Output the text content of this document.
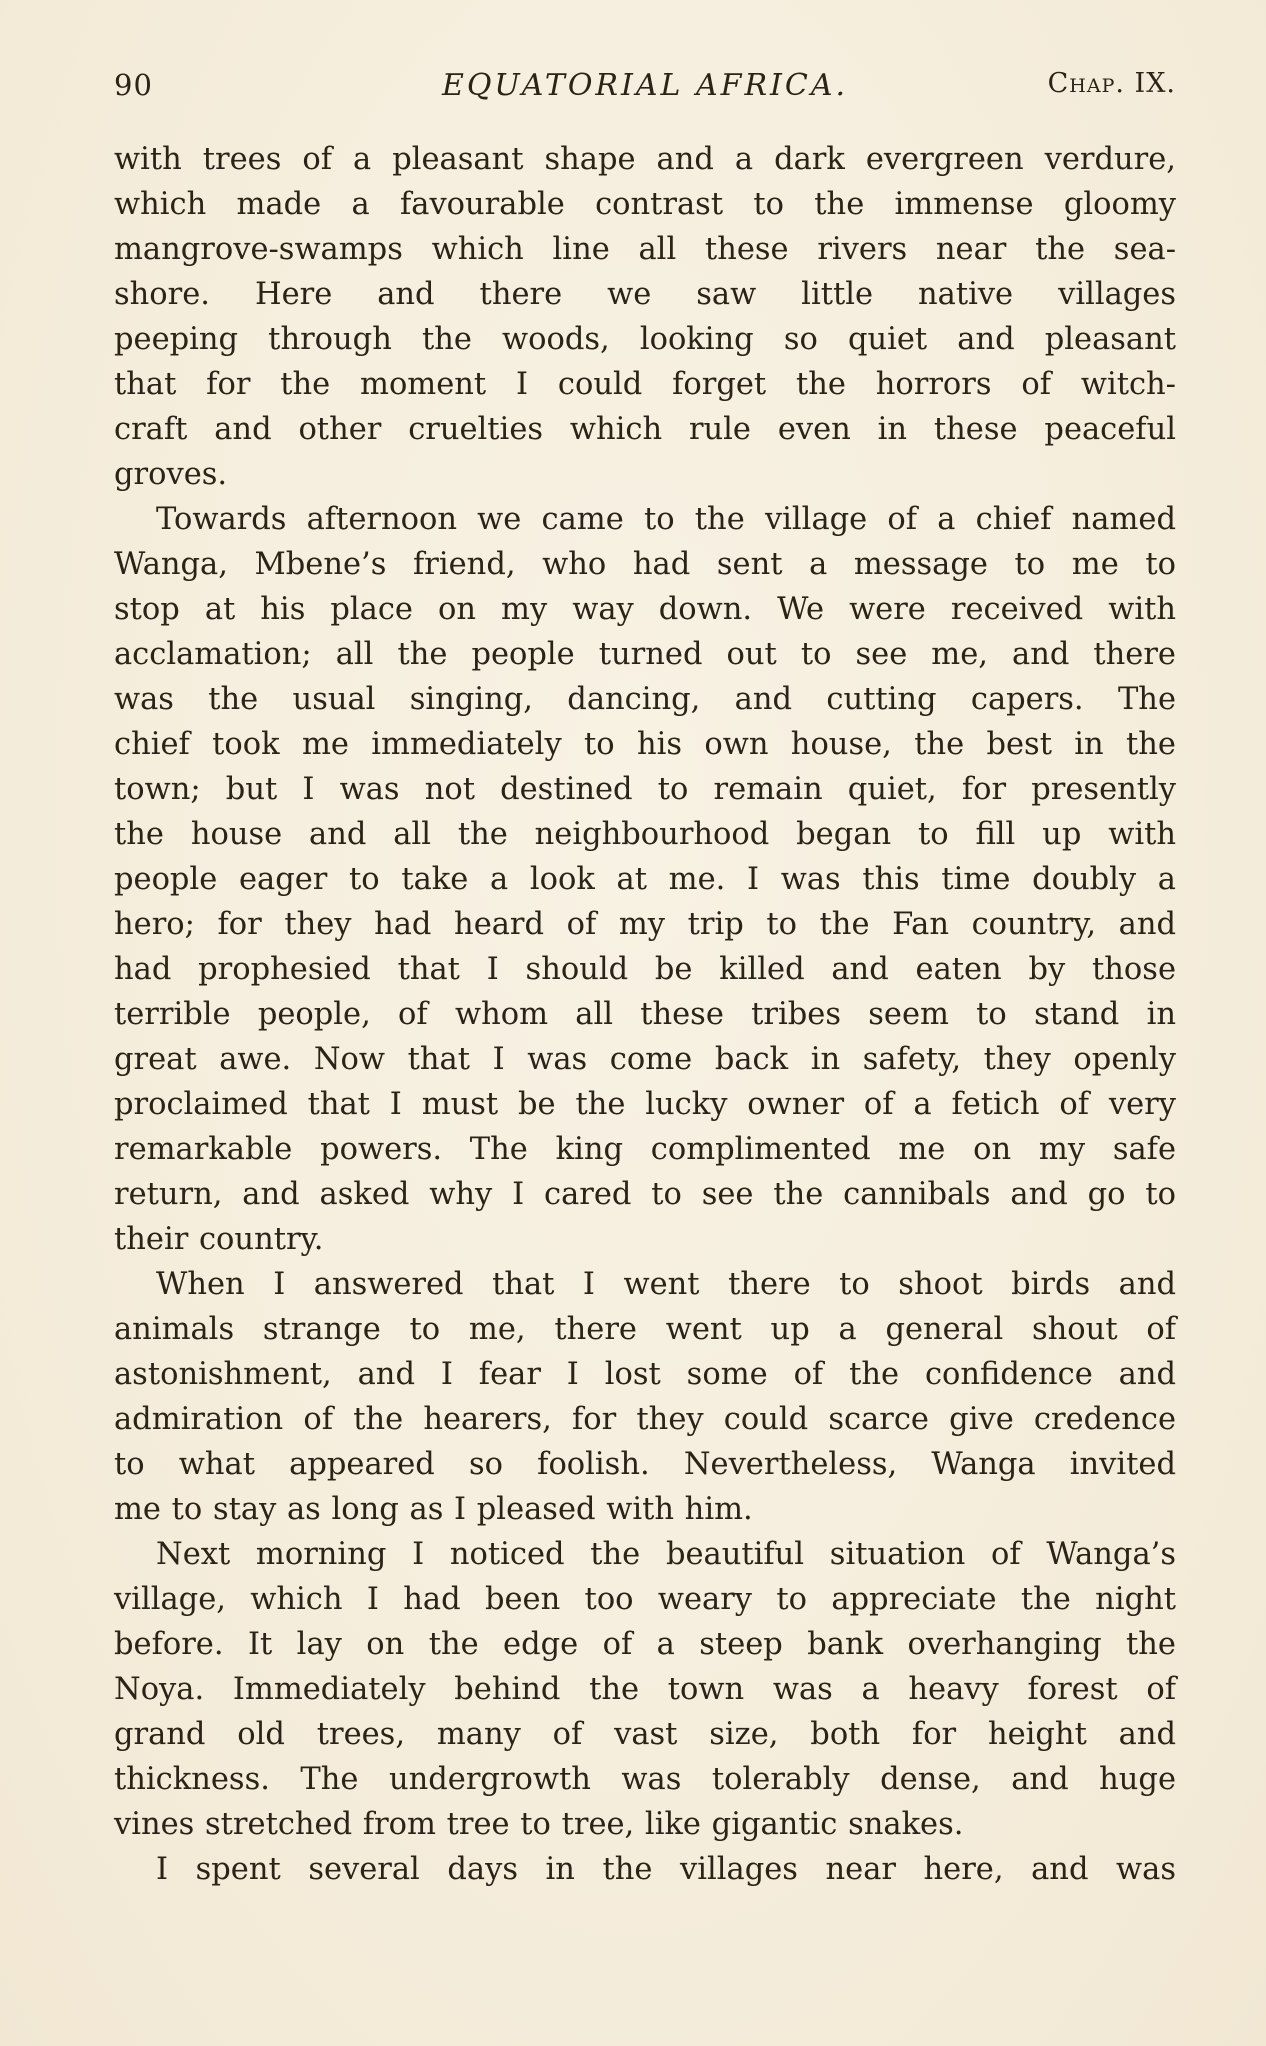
90	EQUATORIAL AFRICA.	Chap. IX.
with trees of a pleasant shape and a dark evergreen verdure,
which made a favourable contrast to the immense gloomy
mangrove-swamps which line all these rivers near the sea-
shore. Here and there we saw little native villages
peeping through the woods, looking so quiet and pleasant
that for the moment I could forget the horrors of witch-
craft and other cruelties which rule even in these peaceful
groves.
Towards afternoon we came to the village of a chief named
Wanga, Mbene’s friend, who had sent a message to me to
stop at his place on my way down. We were received with
acclamation; all the people turned out to see me, and there
was the usual singing, dancing, and cutting capers. The
chief took me immediately to his own house, the best in the
town; but I was not destined to remain quiet, for presently
the house and all the neighbourhood began to fill up with
people eager to take a look at me. I was this time doubly a
hero; for they had heard of my trip to the Fan country, and
had prophesied that I should be killed and eaten by those
terrible people, of whom all these tribes seem to stand in
great awe. Now that I was come back in safety, they openly
proclaimed that I must be the lucky owner of a fetich of very
remarkable powers. The king complimented me on my safe
return, and asked why I cared to see the cannibals and go to
their country.
When I answered that I went there to shoot birds and
animals strange to me, there went up a general shout of
astonishment, and I fear I lost some of the confidence and
admiration of the hearers, for they could scarce give credence
to what appeared so foolish. Nevertheless, Wanga invited
me to stay as long as I pleased with him.
Next morning I noticed the beautiful situation of Wanga’s
village, which I had been too weary to appreciate the night
before. It lay on the edge of a steep bank overhanging the
Noya. Immediately behind the town was a heavy forest of
grand old trees, many of vast size, both for height and
thickness. The undergrowth was tolerably dense, and huge
vines stretched from tree to tree, like gigantic snakes.
I spent several days in the villages near here, and was
